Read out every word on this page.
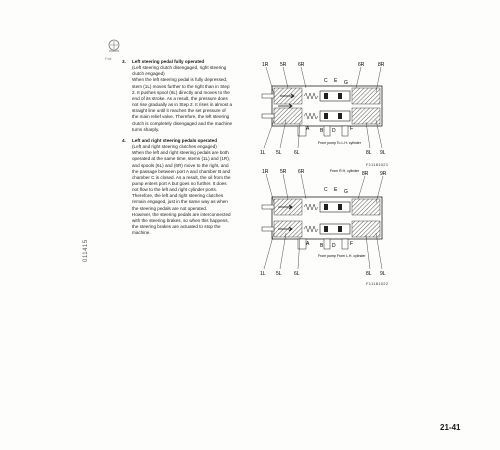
Fail
011415
3. Left steering pedal fully operated
(Left steering clutch disengaged, right steering
clutch engaged)
When the left steering pedal is fully depressed,
stem (1L) moves further to the right than in Step
2. It pushes spool (6L) directly and moves to the
end of its stroke. As a result, the pressure does
not rise gradually as in Step 2. It rises in almost a
straight line until it reaches the set pressure of
the main relief valve. Therefore, the left steering
clutch is completely disengaged and the machine
turns sharply.
4. Left and right steering pedals operated
(Left and right steering clutches engaged)
When the left and right steering pedals are both
operated at the same time, stems (1L) and (1R),
and spools (6L) and (6R) move to the right, and
the passage between port A and chamber B and
chamber C is closed. As a result, the oil from the
pump enters port A but goes no further. It does
not flow to the left and right cylinder ports.
Therefore, the left and right steering clutches
remain engaged, just in the same way as when
the steering pedals are not operated.
However, the steering pedals are interconnected
with the steering brakes, so when this happens,
the steering brakes are actuated to stop the
machine.
1R 5R 6R	6R	8R
C E G
A B D	F
1L 5L 6L	8L 9L
From pump To L.H. cylinder
F11181021
1R 5R 6R	8R 9R
From R.H. cylinder
C E G
A B D	F
1L 5L 6L	8L 9L
From pump From L.H. cylinder
F11181022
21-41
